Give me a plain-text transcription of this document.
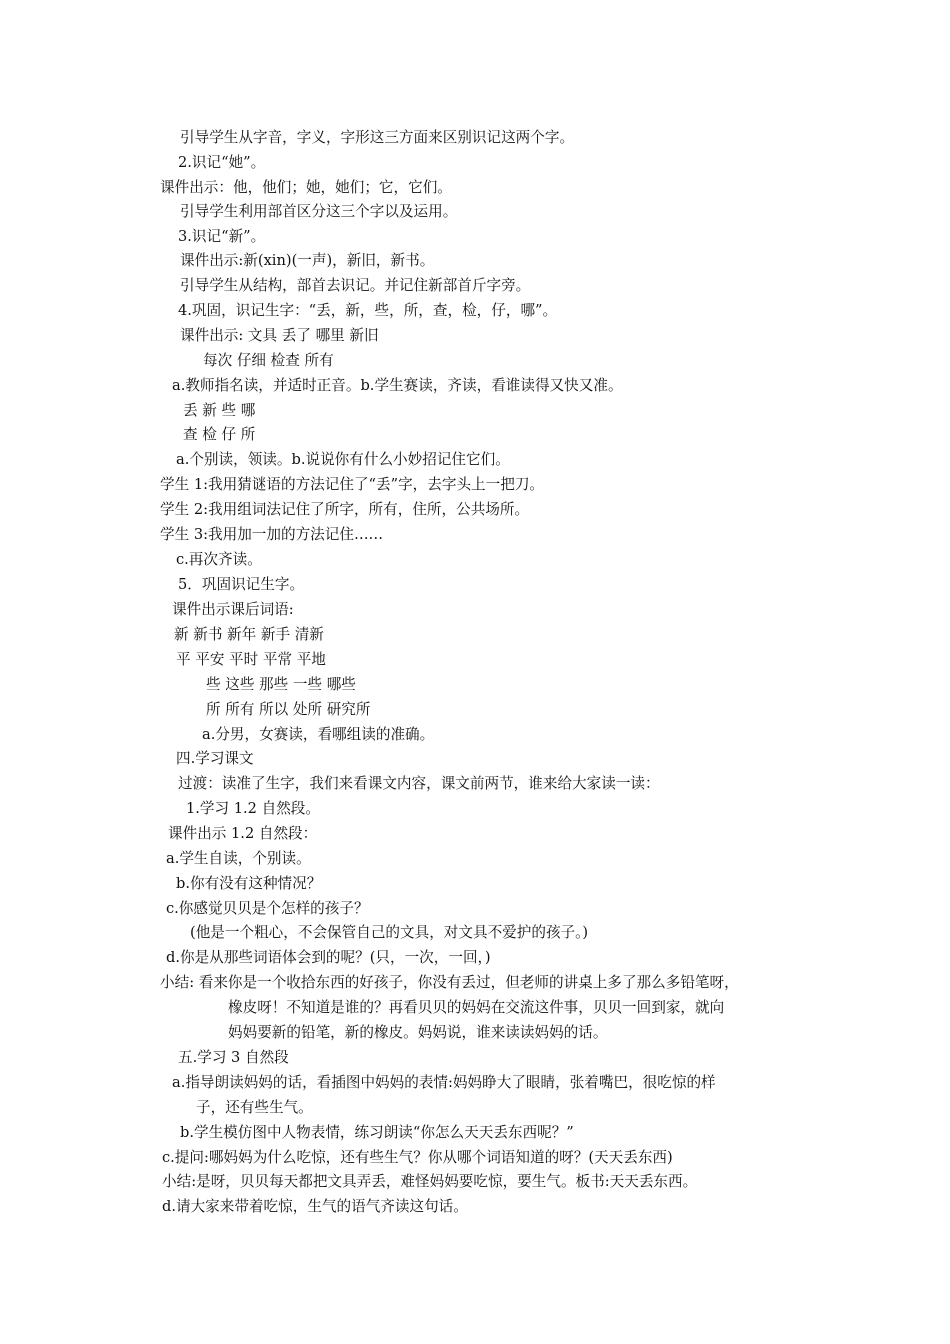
引导学生从字音，字义，字形这三方面来区别识记这两个字。
2.识记“她”。
课件出示：他，他们；她，她们；它，它们。
引导学生利用部首区分这三个字以及运用。
3.识记“新”。
课件出示:新(xin)(一声)，新旧，新书。
引导学生从结构，部首去识记。并记住新部首斤字旁。
4.巩固，识记生字：“丢，新，些，所，查，检，仔，哪”。
课件出示: 文具 丢了 哪里 新旧
每次 仔细 检查 所有
a.教师指名读，并适时正音。b.学生赛读，齐读，看谁读得又快又准。
丢 新 些 哪
查 检 仔 所
a.个别读，领读。b.说说你有什么小妙招记住它们。
学生 1:我用猜谜语的方法记住了“丢”字，去字头上一把刀。
学生 2:我用组词法记住了所字，所有，住所，公共场所。
学生 3:我用加一加的方法记住……
c.再次齐读。
5．巩固识记生字。
课件出示课后词语:
新 新书 新年 新手 清新
平 平安 平时 平常 平地
些 这些 那些 一些 哪些
所 所有 所以 处所 研究所
a.分男，女赛读，看哪组读的准确。
四.学习课文
过渡：读准了生字，我们来看课文内容，课文前两节，谁来给大家读一读：
1.学习 1.2 自然段。
课件出示 1.2 自然段：
a.学生自读，个别读。
b.你有没有这种情况？
c.你感觉贝贝是个怎样的孩子？
(他是一个粗心，不会保管自己的文具，对文具不爱护的孩子。)
d.你是从那些词语体会到的呢？(只，一次，一回，)
小结: 看来你是一个收拾东西的好孩子，你没有丢过，但老师的讲桌上多了那么多铅笔呀，
橡皮呀！不知道是谁的？再看贝贝的妈妈在交流这件事，贝贝一回到家，就向
妈妈要新的铅笔，新的橡皮。妈妈说，谁来读读妈妈的话。
五.学习 3 自然段
a.指导朗读妈妈的话，看插图中妈妈的表情:妈妈睁大了眼睛，张着嘴巴，很吃惊的样
子，还有些生气。
b.学生模仿图中人物表情，练习朗读“你怎么天天丢东西呢？”
c.提问:哪妈妈为什么吃惊，还有些生气？你从哪个词语知道的呀？(天天丢东西)
小结:是呀，贝贝每天都把文具弄丢，难怪妈妈要吃惊，要生气。板书:天天丢东西。
d.请大家来带着吃惊，生气的语气齐读这句话。
